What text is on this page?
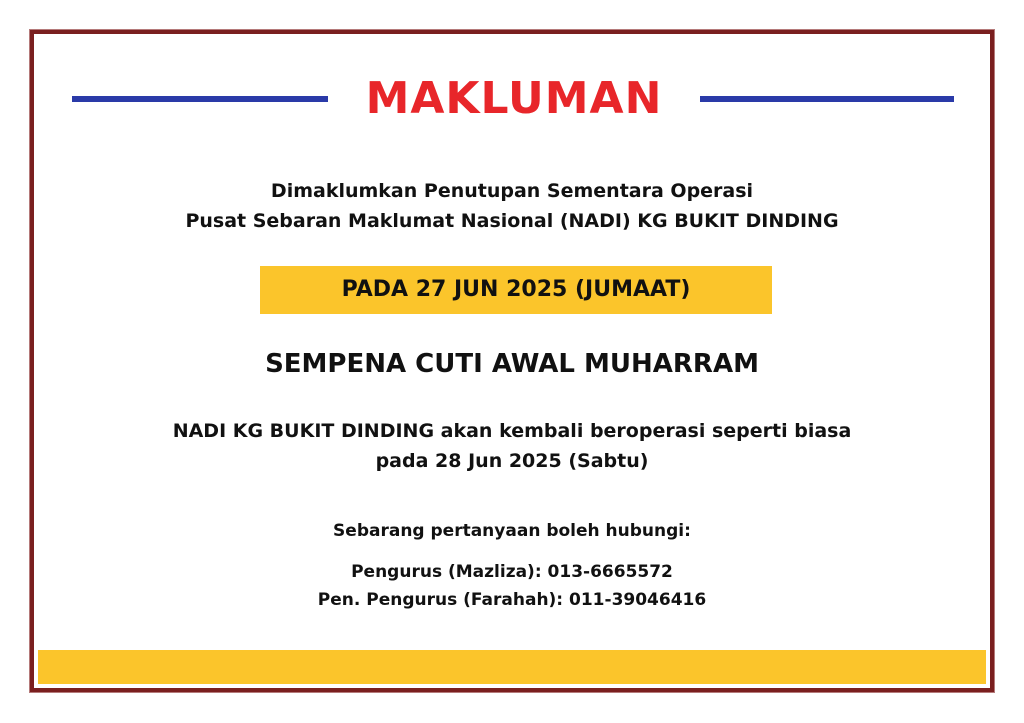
MAKLUMAN
Dimaklumkan Penutupan Sementara Operasi
Pusat Sebaran Maklumat Nasional (NADI) KG BUKIT DINDING
PADA 27 JUN 2025 (JUMAAT)
SEMPENA CUTI AWAL MUHARRAM
NADI KG BUKIT DINDING akan kembali beroperasi seperti biasa
pada 28 Jun 2025 (Sabtu)
Sebarang pertanyaan boleh hubungi:
Pengurus (Mazliza): 013-6665572
Pen. Pengurus (Farahah): 011-39046416
